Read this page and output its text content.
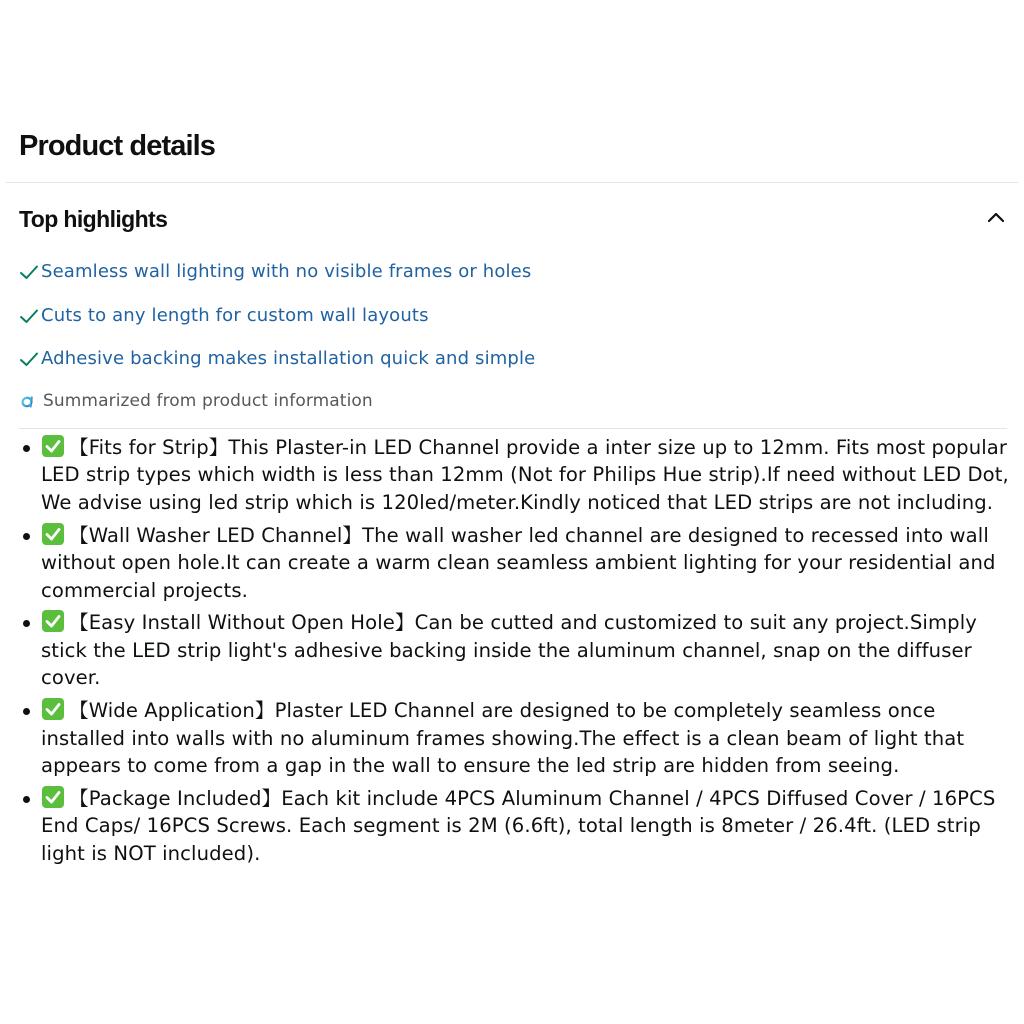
Product details
Top highlights
Seamless wall lighting with no visible frames or holes
Cuts to any length for custom wall layouts
Adhesive backing makes installation quick and simple
Summarized from product information
【Fits for Strip】This Plaster-in LED Channel provide a inter size up to 12mm. Fits most popular LED strip types which width is less than 12mm (Not for Philips Hue strip).If need without LED Dot, We advise using led strip which is 120led/meter.Kindly noticed that LED strips are not including.
【Wall Washer LED Channel】The wall washer led channel are designed to recessed into wall without open hole.It can create a warm clean seamless ambient lighting for your residential and commercial projects.
【Easy Install Without Open Hole】Can be cutted and customized to suit any project.Simply stick the LED strip light's adhesive backing inside the aluminum channel, snap on the diffuser cover.
【Wide Application】Plaster LED Channel are designed to be completely seamless once installed into walls with no aluminum frames showing.The effect is a clean beam of light that appears to come from a gap in the wall to ensure the led strip are hidden from seeing.
【Package Included】Each kit include 4PCS Aluminum Channel / 4PCS Diffused Cover / 16PCS End Caps/ 16PCS Screws. Each segment is 2M (6.6ft), total length is 8meter / 26.4ft. (LED strip light is NOT included).
